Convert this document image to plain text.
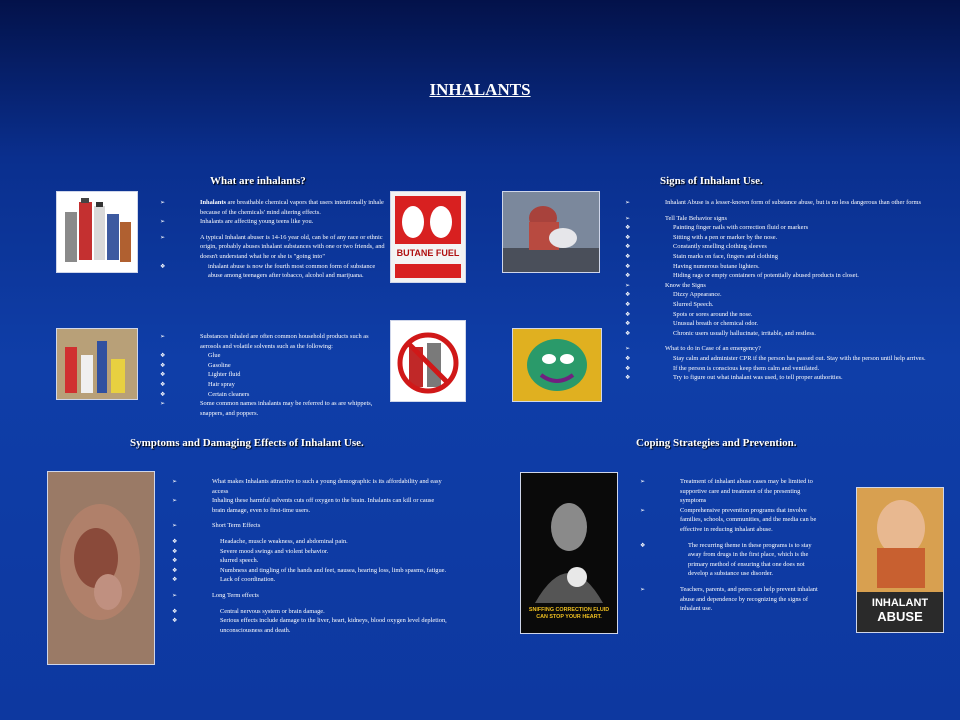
INHALANTS
What are inhalants?	Signs of Inhalant Use.
Symptoms and Damaging Effects of Inhalant Use.	Coping Strategies and Prevention.

➢ Inhalants are breathable chemical vapors that users intentionally inhale because of the chemicals' mind altering effects.

➢ Inhalants are affecting young teens like you.

➢ A typical Inhalant abuser is 14-16 year old, can be of any race or ethnic origin, probably abuses inhalant substances with one or two friends, and doesn't understand what he or she is "going into"

❖ inhalant abuse is now the fourth most common form of substance abuse among teenagers after tobacco, alcohol and marijuana.

➢ Substances inhaled are often common household products such as aerosols and volatile solvents such as the following:

❖ Glue

❖ Gasoline

❖ Lighter fluid

❖ Hair spray

❖ Certain cleaners

➢ Some common names inhalants may be referred to as are whippets, snappers, and poppers.

➢ Inhalant Abuse is a lesser-known form of substance abuse, but is no less dangerous than other forms

➢ Tell Tale Behavior signs

❖ Painting finger nails with correction fluid or markers

❖ Sitting with a pen or marker by the nose.

❖ Constantly smelling clothing sleeves

❖ Stain marks on face, fingers and clothing

❖ Having numerous butane lighters.

❖ Hiding rags or empty containers of potentially abused products in closet.

➢ Know the Signs

❖ Dizzy Appearance.

❖ Slurred Speech.

❖ Spots or sores around the nose.

❖ Unusual breath or chemical odor.

❖ Chronic users usually hallucinate, irritable, and restless.

➢ What to do in Case of an emergency?

❖ Stay calm and administer CPR if the person has passed out. Stay with the person until help arrives.

❖ If the person is conscious keep them calm and ventilated.

❖ Try to figure out what inhalant was used, to tell proper authorities.

➢ What makes Inhalants attractive to such a young demographic is its affordability and easy access

➢ Inhaling these harmful solvents cuts off oxygen to the brain. Inhalants can kill or cause brain damage, even to first-time users.

➢ Short Term Effects

❖ Headache, muscle weakness, and abdominal pain.

❖ Severe mood swings and violent behavior.

❖ slurred speech.

❖ Numbness and tingling of the hands and feet, nausea, hearing loss, limb spasms, fatigue.

❖ Lack of coordination.

➢ Long Term effects

❖ Central nervous system or brain damage.

❖ Serious effects include damage to the liver, heart, kidneys, blood oxygen level depletion, unconsciousness and death.

➢ Treatment of inhalant abuse cases may be limited to supportive care and treatment of the presenting symptoms

➢ Comprehensive prevention programs that involve families, schools, communities, and the media can be effective in reducing inhalant abuse.

❖ The recurring theme in these programs is to stay away from drugs in the first place, which is the primary method of ensuring that one does not develop a substance use disorder.

➢ Teachers, parents, and peers can help prevent inhalant abuse and dependence by recognizing the signs of inhalant use.

BUTANE FUEL
SNIFFING CORRECTION FLUID CAN STOP YOUR HEART.
INHALANT
ABUSE
